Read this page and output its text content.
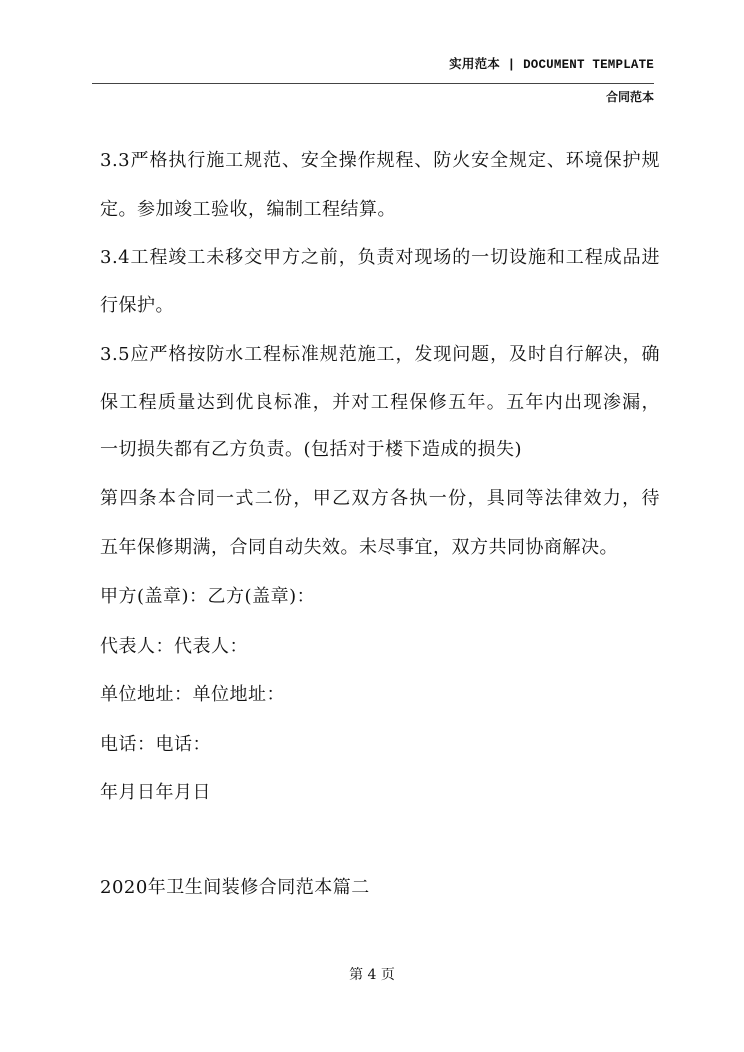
实用范本 | DOCUMENT TEMPLATE
合同范本
3.3严格执行施工规范、安全操作规程、防火安全规定、环境保护规
定。参加竣工验收，编制工程结算。
3.4工程竣工未移交甲方之前，负责对现场的一切设施和工程成品进
行保护。
3.5应严格按防水工程标准规范施工，发现问题，及时自行解决，确
保工程质量达到优良标准，并对工程保修五年。五年内出现渗漏，
一切损失都有乙方负责。(包括对于楼下造成的损失)
第四条本合同一式二份，甲乙双方各执一份，具同等法律效力，待
五年保修期满，合同自动失效。未尽事宜，双方共同协商解决。
甲方(盖章)：乙方(盖章)：
代表人：代表人：
单位地址：单位地址：
电话：电话：
年月日年月日
2020年卫生间装修合同范本篇二
第 4 页
